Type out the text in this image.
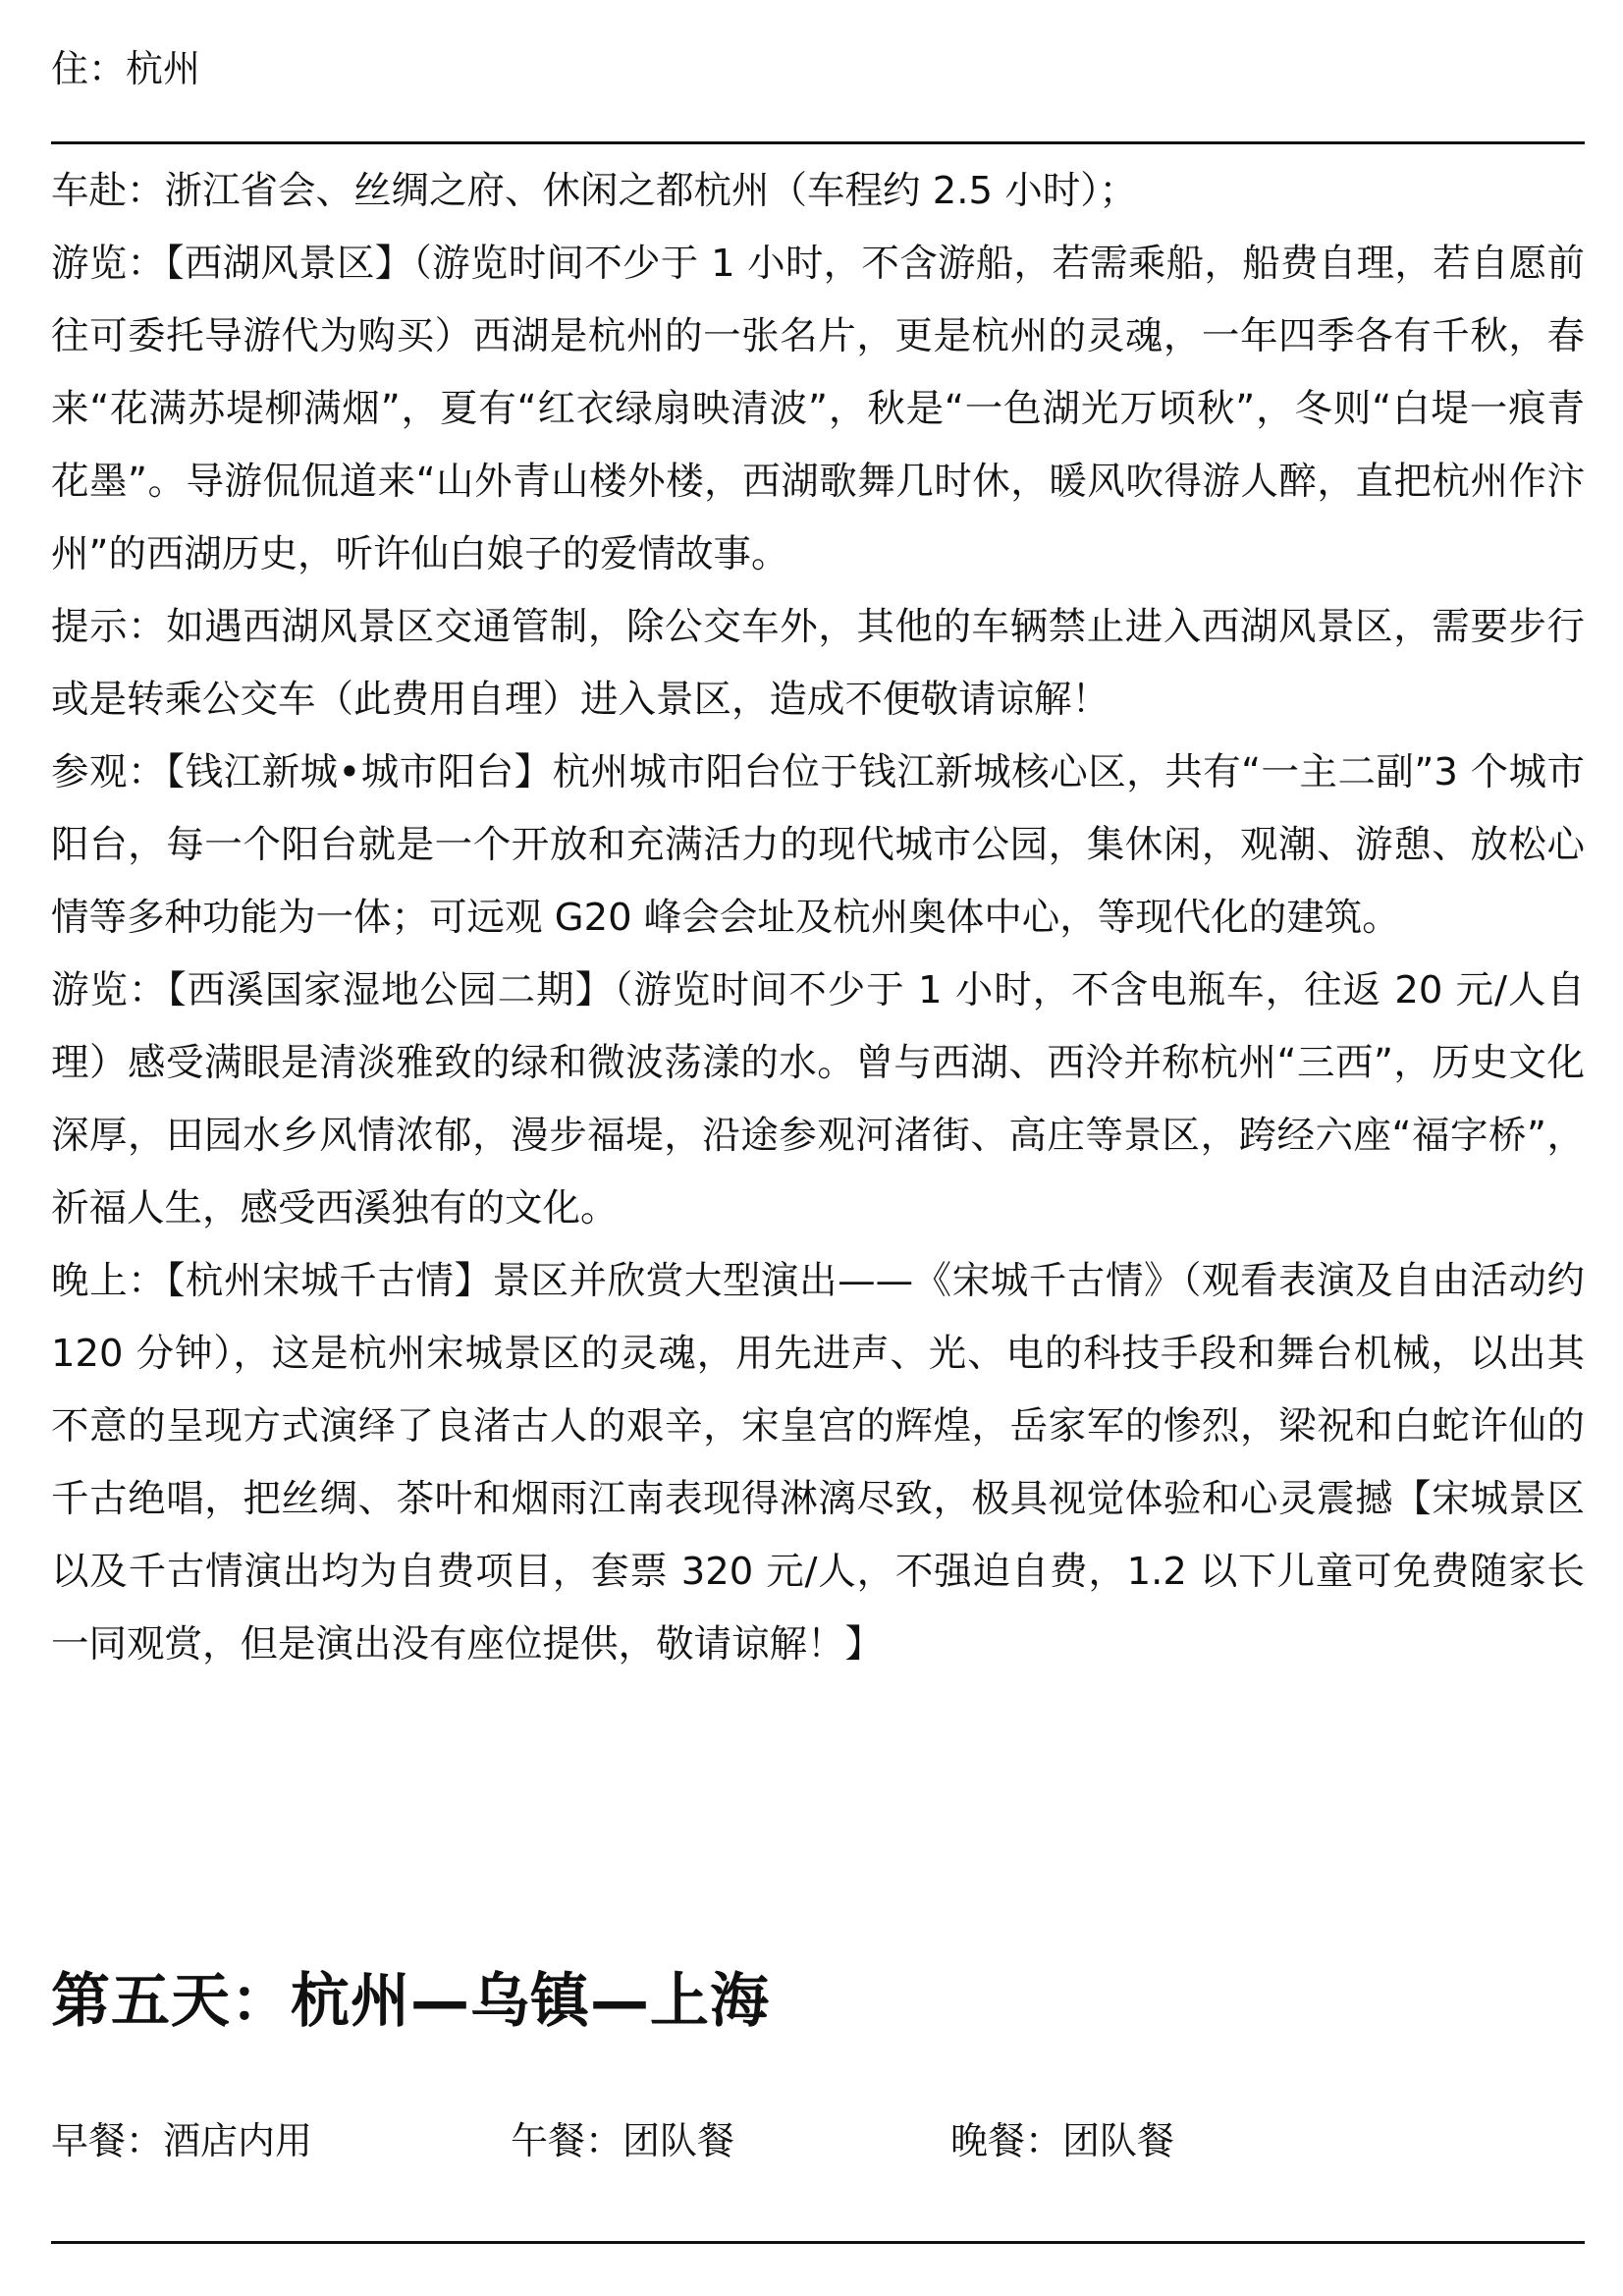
住：杭州

车赴：浙江省会、丝绸之府、休闲之都杭州（车程约 2.5 小时）；

游览：【西湖风景区】（游览时间不少于 1 小时，不含游船，若需乘船，船费自理，若自愿前往可委托导游代为购买）西湖是杭州的一张名片，更是杭州的灵魂，一年四季各有千秋，春来“花满苏堤柳满烟”，夏有“红衣绿扇映清波”，秋是“一色湖光万顷秋”，冬则“白堤一痕青花墨”。导游侃侃道来“山外青山楼外楼，西湖歌舞几时休，暖风吹得游人醉，直把杭州作汴州”的西湖历史，听许仙白娘子的爱情故事。

提示：如遇西湖风景区交通管制，除公交车外，其他的车辆禁止进入西湖风景区，需要步行或是转乘公交车（此费用自理）进入景区，造成不便敬请谅解！

参观：【钱江新城•城市阳台】杭州城市阳台位于钱江新城核心区，共有“一主二副”3 个城市阳台，每一个阳台就是一个开放和充满活力的现代城市公园，集休闲，观潮、游憩、放松心情等多种功能为一体；可远观 G20 峰会会址及杭州奥体中心，等现代化的建筑。

游览：【西溪国家湿地公园二期】（游览时间不少于 1 小时，不含电瓶车，往返 20 元/人自理）感受满眼是清淡雅致的绿和微波荡漾的水。曾与西湖、西泠并称杭州“三西”，历史文化深厚，田园水乡风情浓郁，漫步福堤，沿途参观河渚街、高庄等景区，跨经六座“福字桥”，祈福人生，感受西溪独有的文化。

晚上：【杭州宋城千古情】景区并欣赏大型演出——《宋城千古情》（观看表演及自由活动约 120 分钟），这是杭州宋城景区的灵魂，用先进声、光、电的科技手段和舞台机械，以出其不意的呈现方式演绎了良渚古人的艰辛，宋皇宫的辉煌，岳家军的惨烈，梁祝和白蛇许仙的千古绝唱，把丝绸、茶叶和烟雨江南表现得淋漓尽致，极具视觉体验和心灵震撼【宋城景区以及千古情演出均为自费项目，套票 320 元/人，不强迫自费，1.2 以下儿童可免费随家长一同观赏，但是演出没有座位提供，敬请谅解！】

第五天：杭州—乌镇—上海
早餐：酒店内用	午餐：团队餐	晚餐：团队餐
